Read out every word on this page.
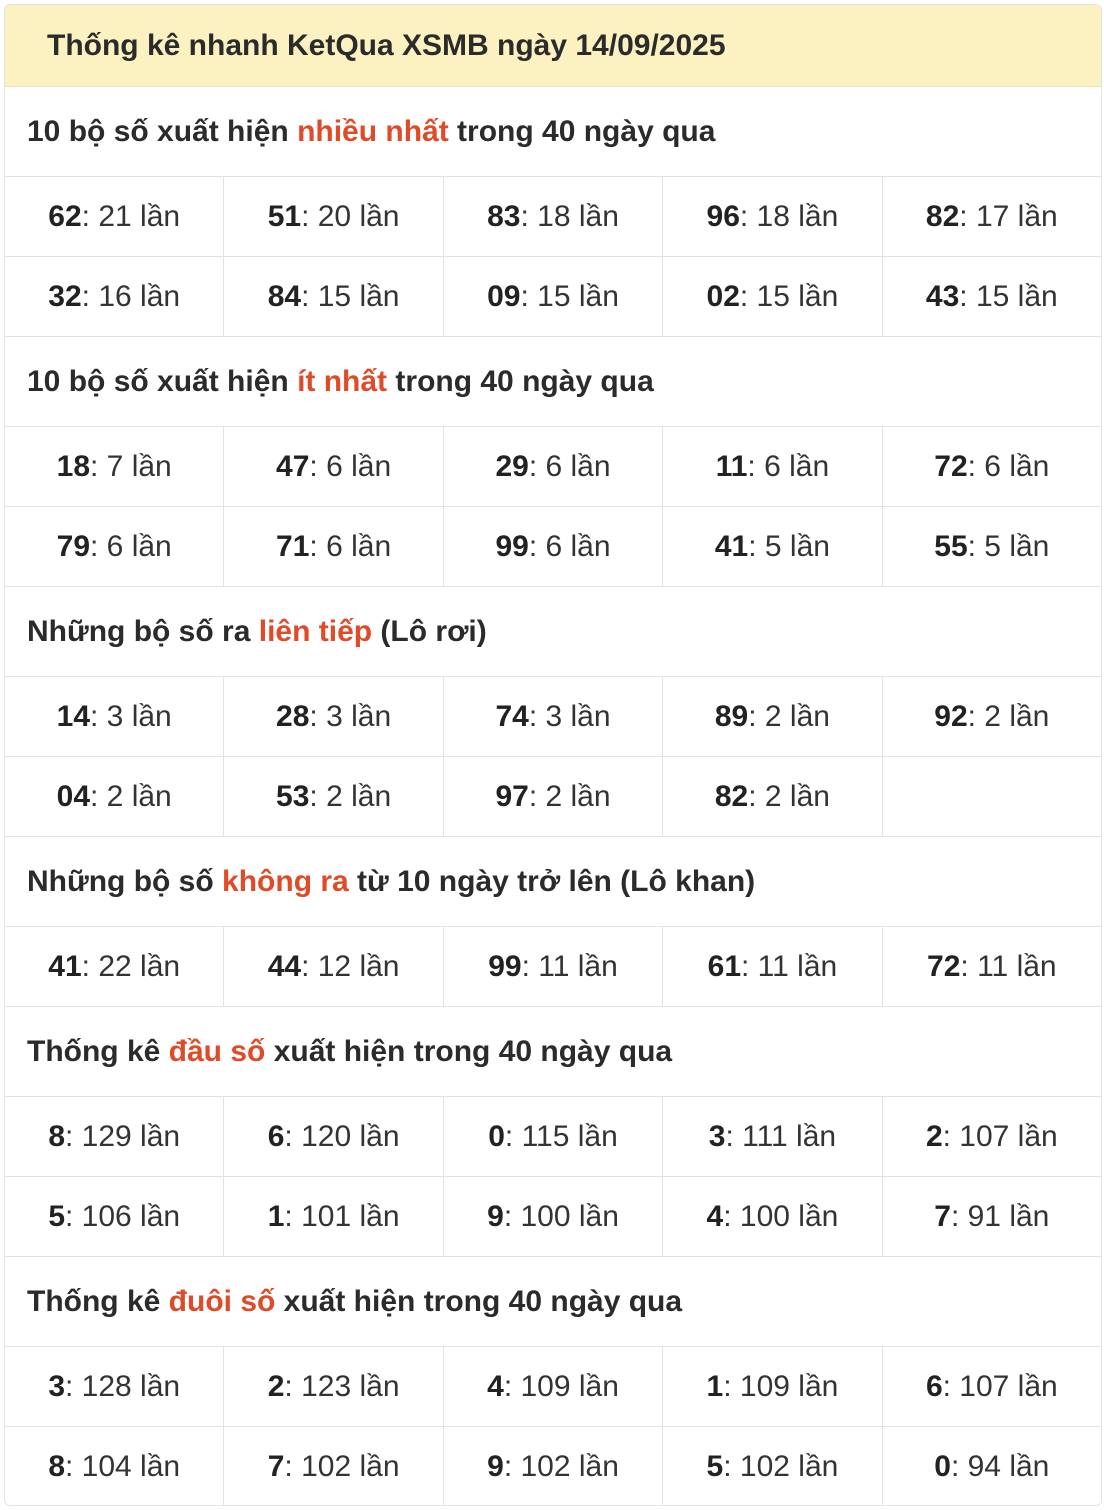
Thống kê nhanh KetQua XSMB ngày 14/09/2025
10 bộ số xuất hiện nhiều nhất trong 40 ngày qua
62 : 21 lần	51 : 20 lần	83 : 18 lần	96 : 18 lần	82 : 17 lần
32 : 16 lần	84 : 15 lần	09 : 15 lần	02 : 15 lần	43 : 15 lần
10 bộ số xuất hiện ít nhất trong 40 ngày qua
18 : 7 lần	47 : 6 lần	29 : 6 lần	11 : 6 lần	72 : 6 lần
79 : 6 lần	71 : 6 lần	99 : 6 lần	41 : 5 lần	55 : 5 lần
Những bộ số ra liên tiếp (Lô rơi)
14 : 3 lần	28 : 3 lần	74 : 3 lần	89 : 2 lần	92 : 2 lần
04 : 2 lần	53 : 2 lần	97 : 2 lần	82 : 2 lần
Những bộ số không ra từ 10 ngày trở lên (Lô khan)
41 : 22 lần	44 : 12 lần	99 : 11 lần	61 : 11 lần	72 : 11 lần
Thống kê đầu số xuất hiện trong 40 ngày qua
8 : 129 lần	6 : 120 lần	0 : 115 lần	3 : 111 lần	2 : 107 lần
5 : 106 lần	1 : 101 lần	9 : 100 lần	4 : 100 lần	7 : 91 lần
Thống kê đuôi số xuất hiện trong 40 ngày qua
3 : 128 lần	2 : 123 lần	4 : 109 lần	1 : 109 lần	6 : 107 lần
8 : 104 lần	7 : 102 lần	9 : 102 lần	5 : 102 lần	0 : 94 lần
